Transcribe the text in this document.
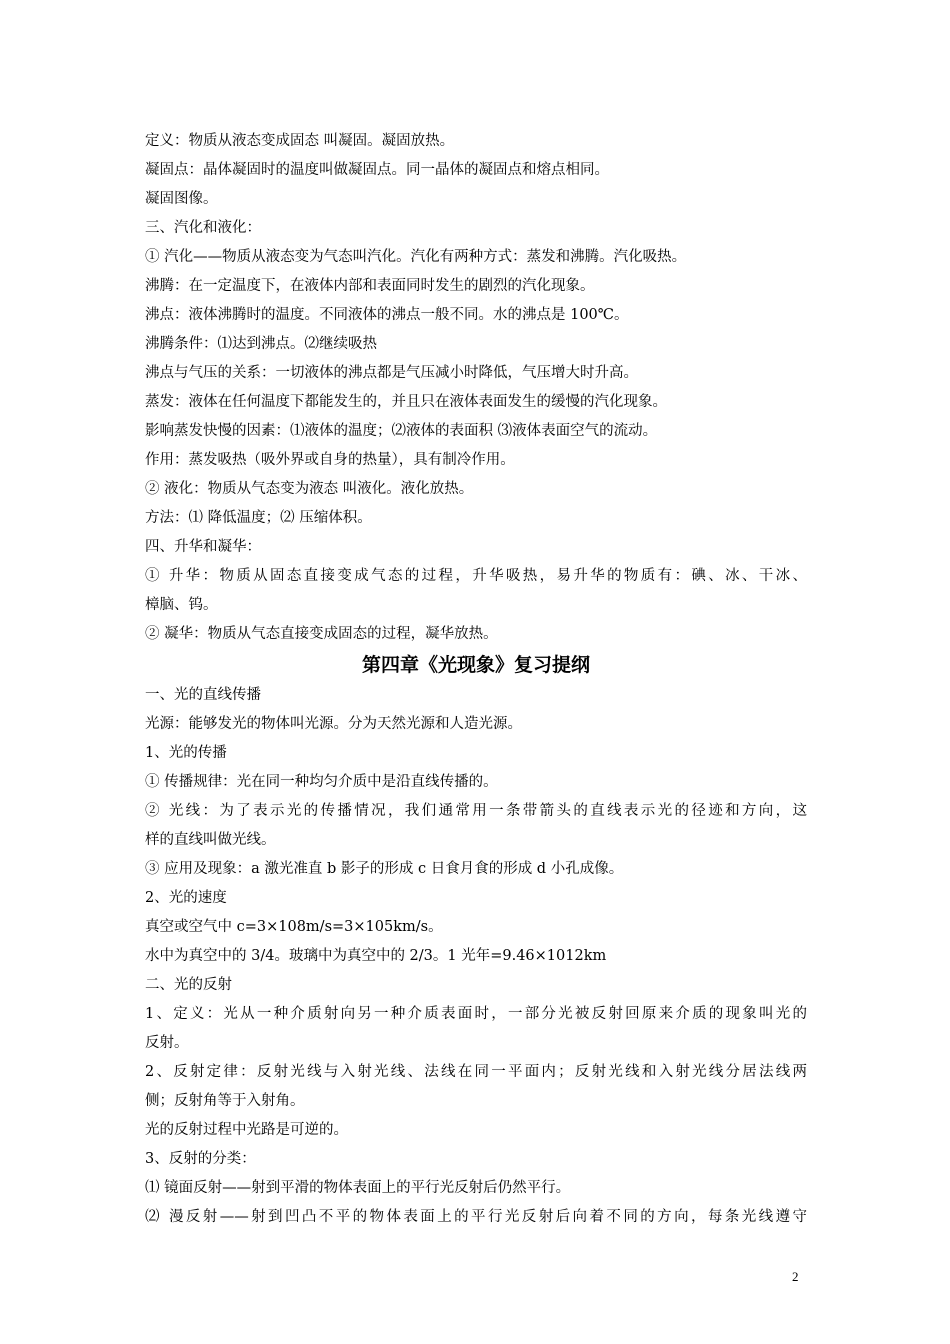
定义：物质从液态变成固态 叫凝固。凝固放热。
凝固点：晶体凝固时的温度叫做凝固点。同一晶体的凝固点和熔点相同。
凝固图像。
三、汽化和液化：
① 汽化——物质从液态变为气态叫汽化。汽化有两种方式：蒸发和沸腾。汽化吸热。
沸腾：在一定温度下，在液体内部和表面同时发生的剧烈的汽化现象。
沸点：液体沸腾时的温度。不同液体的沸点一般不同。水的沸点是 100℃。
沸腾条件：⑴达到沸点。⑵继续吸热
沸点与气压的关系：一切液体的沸点都是气压减小时降低，气压增大时升高。
蒸发：液体在任何温度下都能发生的，并且只在液体表面发生的缓慢的汽化现象。
影响蒸发快慢的因素：⑴液体的温度；⑵液体的表面积 ⑶液体表面空气的流动。
作用：蒸发吸热（吸外界或自身的热量），具有制冷作用。
② 液化：物质从气态变为液态 叫液化。液化放热。
方法：⑴ 降低温度；⑵ 压缩体积。
四、升华和凝华：
① 升华：物质从固态直接变成气态的过程，升华吸热，易升华的物质有：碘、冰、干冰、
樟脑、钨。
② 凝华：物质从气态直接变成固态的过程，凝华放热。
第四章《光现象》复习提纲
一、光的直线传播
光源：能够发光的物体叫光源。分为天然光源和人造光源。
1、光的传播
① 传播规律：光在同一种均匀介质中是沿直线传播的。
② 光线：为了表示光的传播情况，我们通常用一条带箭头的直线表示光的径迹和方向，这
样的直线叫做光线。
③ 应用及现象：a 激光准直 b 影子的形成 c 日食月食的形成 d 小孔成像。
2、光的速度
真空或空气中 c=3×108m/s=3×105km/s。
水中为真空中的 3/4。玻璃中为真空中的 2/3。1 光年=9.46×1012km
二、光的反射
1、定义：光从一种介质射向另一种介质表面时，一部分光被反射回原来介质的现象叫光的
反射。
2、反射定律：反射光线与入射光线、法线在同一平面内；反射光线和入射光线分居法线两
侧；反射角等于入射角。
光的反射过程中光路是可逆的。
3、反射的分类：
⑴ 镜面反射——射到平滑的物体表面上的平行光反射后仍然平行。
⑵ 漫反射——射到凹凸不平的物体表面上的平行光反射后向着不同的方向，每条光线遵守
2
